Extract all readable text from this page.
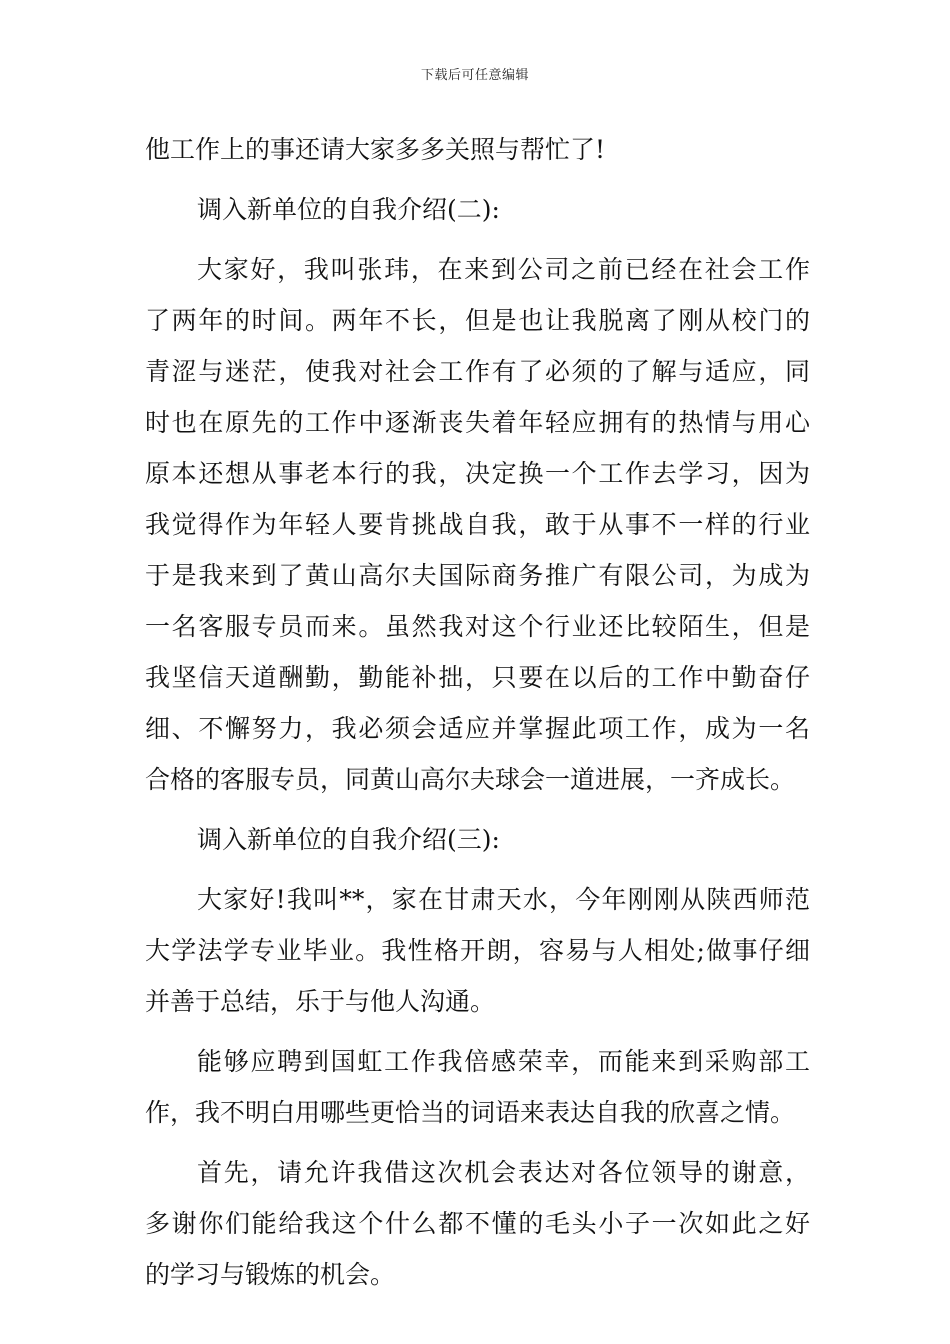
下载后可任意编辑
他工作上的事还请大家多多关照与帮忙了!
调入新单位的自我介绍(二):
大家好，我叫张玮，在来到公司之前已经在社会工作
了两年的时间。两年不长，但是也让我脱离了刚从校门的
青涩与迷茫，使我对社会工作有了必须的了解与适应，同
时也在原先的工作中逐渐丧失着年轻应拥有的热情与用心
原本还想从事老本行的我，决定换一个工作去学习，因为
我觉得作为年轻人要肯挑战自我，敢于从事不一样的行业
于是我来到了黄山高尔夫国际商务推广有限公司，为成为
一名客服专员而来。虽然我对这个行业还比较陌生，但是
我坚信天道酬勤，勤能补拙，只要在以后的工作中勤奋仔
细、不懈努力，我必须会适应并掌握此项工作，成为一名
合格的客服专员，同黄山高尔夫球会一道进展，一齐成长。
调入新单位的自我介绍(三):
大家好!我叫**，家在甘肃天水，今年刚刚从陕西师范
大学法学专业毕业。我性格开朗，容易与人相处;做事仔细
并善于总结，乐于与他人沟通。
能够应聘到国虹工作我倍感荣幸，而能来到采购部工
作，我不明白用哪些更恰当的词语来表达自我的欣喜之情。
首先，请允许我借这次机会表达对各位领导的谢意，
多谢你们能给我这个什么都不懂的毛头小子一次如此之好
的学习与锻炼的机会。
